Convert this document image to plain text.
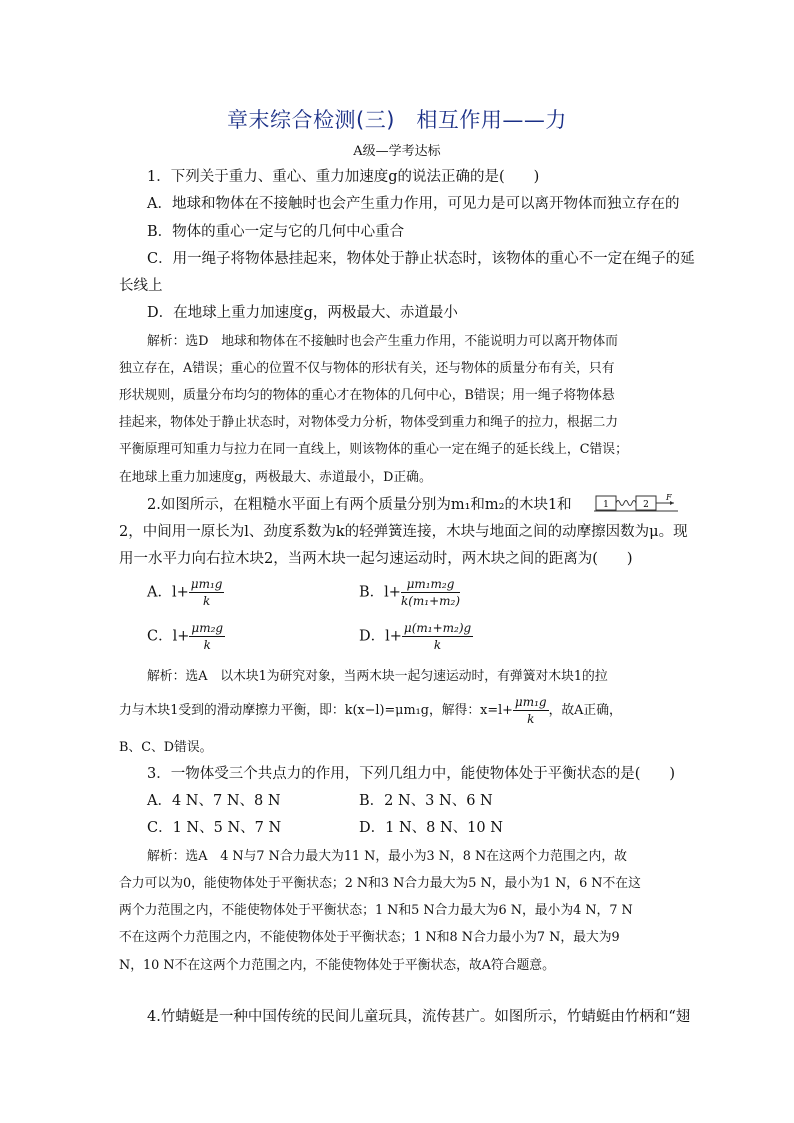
章末综合检测(三)　相互作用——力
A级—学考达标
1．下列关于重力、重心、重力加速度g的说法正确的是(　　)
A．地球和物体在不接触时也会产生重力作用，可见力是可以离开物体而独立存在的
B．物体的重心一定与它的几何中心重合
C．用一绳子将物体悬挂起来，物体处于静止状态时，该物体的重心不一定在绳子的延
长线上
D．在地球上重力加速度g，两极最大、赤道最小
解析：选D　地球和物体在不接触时也会产生重力作用，不能说明力可以离开物体而
独立存在，A错误；重心的位置不仅与物体的形状有关，还与物体的质量分布有关，只有
形状规则，质量分布均匀的物体的重心才在物体的几何中心，B错误；用一绳子将物体悬
挂起来，物体处于静止状态时，对物体受力分析，物体受到重力和绳子的拉力，根据二力
平衡原理可知重力与拉力在同一直线上，则该物体的重心一定在绳子的延长线上，C错误；
在地球上重力加速度g，两极最大、赤道最小，D正确。
2.如图所示，在粗糙水平面上有两个质量分别为m₁和m₂的木块1和	1	2
F
2，中间用一原长为l、劲度系数为k的轻弹簧连接，木块与地面之间的动摩擦因数为μ。现
用一水平力向右拉木块2，当两木块一起匀速运动时，两木块之间的距离为(　　)
A．$l+ \frac{\text{μm₁g}}{k}$	B．$l+ \frac{\text{μm₁m₂g}}{\text{k(m₁+m₂)}}$
C．$l+ \frac{\text{μm₂g}}{k}$	D．$l+ \frac{\text{μ(m₁+m₂)g}}{k}$
解析：选A　以木块1为研究对象，当两木块一起匀速运动时，有弹簧对木块1的拉
力与木块1受到的滑动摩擦力平衡，即：k(x−l)=μm₁g，解得：$x=l+ \frac{\text{μm₁g}}{k}$ ，故A正确，
B、C、D错误。
3．一物体受三个共点力的作用，下列几组力中，能使物体处于平衡状态的是(　　)
A．4 N、7 N、8 N	B．2 N、3 N、6 N
C．1 N、5 N、7 N	D．1 N、8 N、10 N
解析：选A　4 N与7 N合力最大为11 N，最小为3 N，8 N在这两个力范围之内，故
合力可以为0，能使物体处于平衡状态；2 N和3 N合力最大为5 N，最小为1 N，6 N不在这
两个力范围之内，不能使物体处于平衡状态；1 N和5 N合力最大为6 N，最小为4 N，7 N
不在这两个力范围之内，不能使物体处于平衡状态；1 N和8 N合力最小为7 N，最大为9
N，10 N不在这两个力范围之内，不能使物体处于平衡状态，故A符合题意。
4.竹蜻蜓是一种中国传统的民间儿童玩具，流传甚广。如图所示，竹蜻蜓由竹柄和“翅
